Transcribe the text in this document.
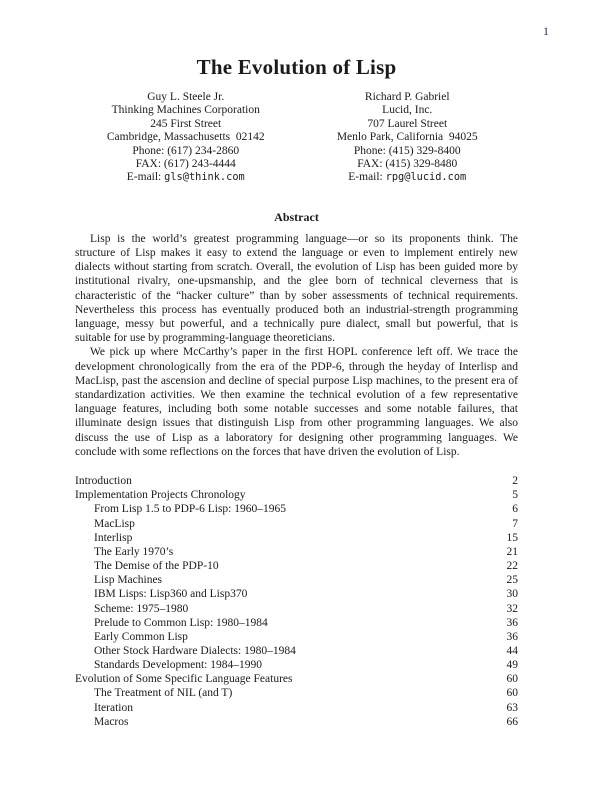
1
The Evolution of Lisp
Guy L. Steele Jr.
Thinking Machines Corporation
245 First Street
Cambridge, Massachusetts  02142
Phone: (617) 234-2860
FAX: (617) 243-4444
E-mail: gls@think.com
Richard P. Gabriel
Lucid, Inc.
707 Laurel Street
Menlo Park, California  94025
Phone: (415) 329-8400
FAX: (415) 329-8480
E-mail: rpg@lucid.com
Abstract

Lisp is the world’s greatest programming language—or so its proponents think. The structure of Lisp makes it easy to extend the language or even to implement entirely new dialects without starting from scratch. Overall, the evolution of Lisp has been guided more by institutional rivalry, one-upsmanship, and the glee born of technical cleverness that is characteristic of the “hacker culture” than by sober assessments of technical requirements. Nevertheless this process has eventually produced both an industrial-strength programming language, messy but powerful, and a technically pure dialect, small but powerful, that is suitable for use by programming-language theoreticians.

We pick up where McCarthy’s paper in the first HOPL conference left off. We trace the development chronologically from the era of the PDP-6, through the heyday of Interlisp and MacLisp, past the ascension and decline of special purpose Lisp machines, to the present era of standardization activities. We then examine the technical evolution of a few representative language features, including both some notable successes and some notable failures, that illuminate design issues that distinguish Lisp from other programming languages. We also discuss the use of Lisp as a laboratory for designing other programming languages. We conclude with some reflections on the forces that have driven the evolution of Lisp.

Introduction	2
Implementation Projects Chronology	5
From Lisp 1.5 to PDP-6 Lisp: 1960–1965	6
MacLisp	7
Interlisp	15
The Early 1970’s	21
The Demise of the PDP-10	22
Lisp Machines	25
IBM Lisps: Lisp360 and Lisp370	30
Scheme: 1975–1980	32
Prelude to Common Lisp: 1980–1984	36
Early Common Lisp	36
Other Stock Hardware Dialects: 1980–1984	44
Standards Development: 1984–1990	49
Evolution of Some Specific Language Features	60
The Treatment of NIL (and T)	60
Iteration	63
Macros	66
